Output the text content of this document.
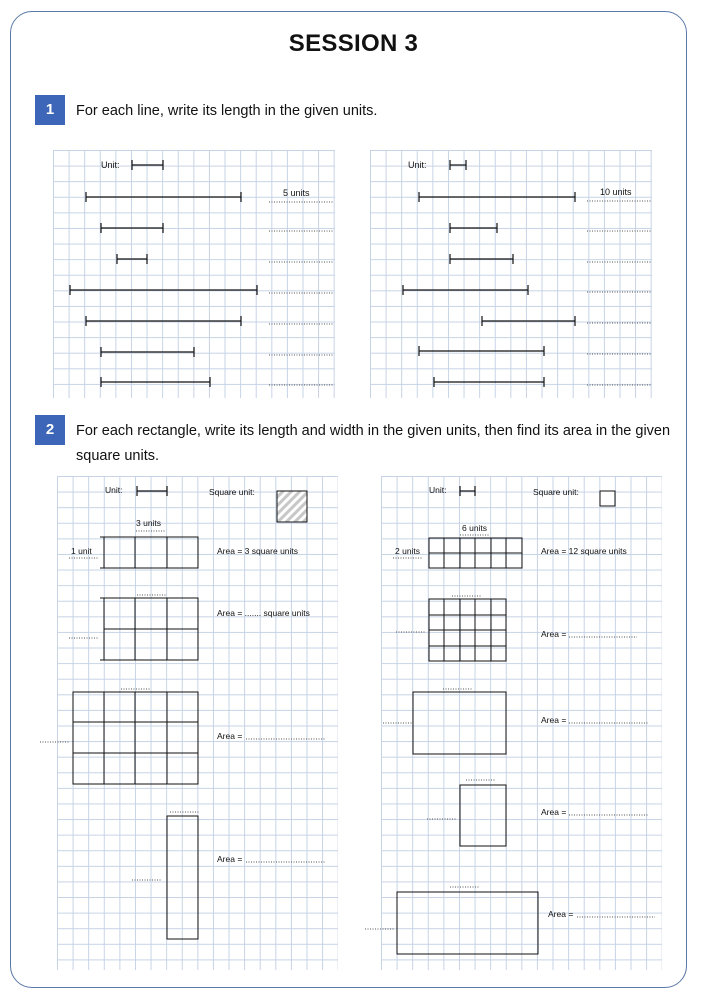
SESSION 3
1	For each line, write its length in the given units.
2	For each rectangle, write its length and width in the given units, then find its area in the given
square units.
Unit:
5 units
Unit:
10 units
Unit:	Square unit:
3 units
1 unit	Area = 3 square units
Area = ....... square units
Area =
Area =
Unit:	Square unit:
6 units
2 units	Area = 12 square units
Area =
Area =
Area =
Area =
